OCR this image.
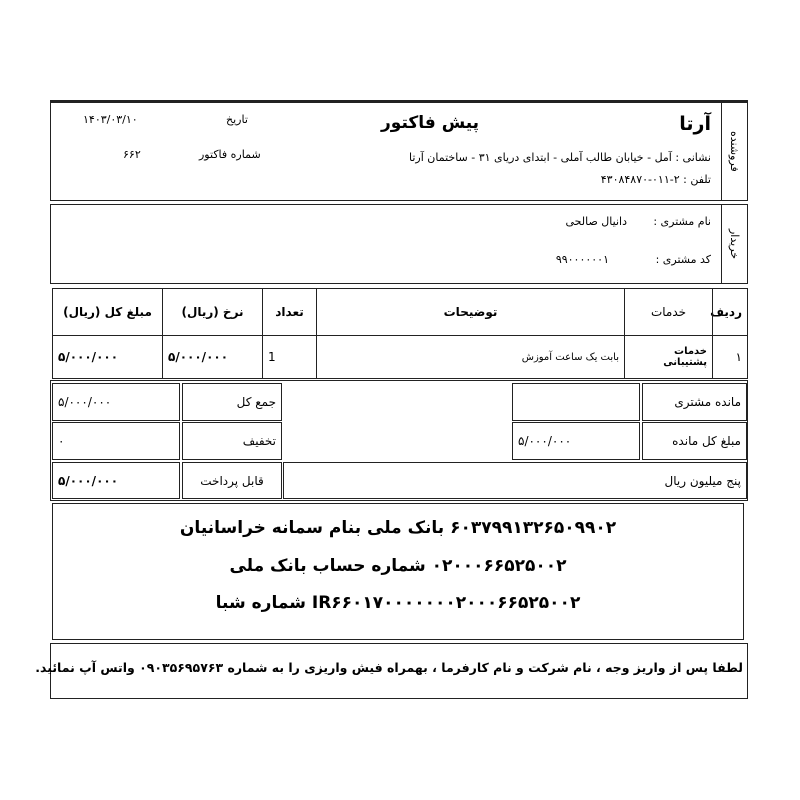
فروشنده
آرتا
پیش فاکتور
نشانی : آمل - خیابان طالب آملی - ابتدای دریای ۳۱ - ساختمان آرتا
تلفن : ۲-۰۱۱-۴۳۰۸۴۸۷۰
تاریخ
۱۴۰۳/۰۳/۱۰
شماره فاکتور
۶۶۲
خریدار
نام مشتری :
دانیال صالحی
کد مشتری :
۹۹۰۰۰۰۰۰۱
ردیف
خدمات
توضیحات
تعداد
نرخ (ریال)
مبلغ کل (ریال)
۱
خدمات پشتیبانی
بابت یک ساعت آموزش
1
۵/۰۰۰/۰۰۰
۵/۰۰۰/۰۰۰
جمع کل
۵/۰۰۰/۰۰۰
تخفیف
۰
قابل پرداخت
۵/۰۰۰/۰۰۰
مانده مشتری
مبلغ کل مانده
۵/۰۰۰/۰۰۰
پنج میلیون ریال
۶۰۳۷۹۹۱۳۲۶۵۰۹۹۰۲ بانک ملی بنام سمانه خراسانیان
۰۲۰۰۰۶۶۵۲۵۰۰۲ شماره حساب بانک ملی
IR۶۶۰۱۷۰۰۰۰۰۰۰۲۰۰۰۶۶۵۲۵۰۰۲ شماره شبا
لطفا پس از واریز وجه ، نام شرکت و نام کارفرما ، بهمراه فیش واریزی را به شماره ۰۹۰۳۵۶۹۵۷۶۳ واتس آپ نمائید.
